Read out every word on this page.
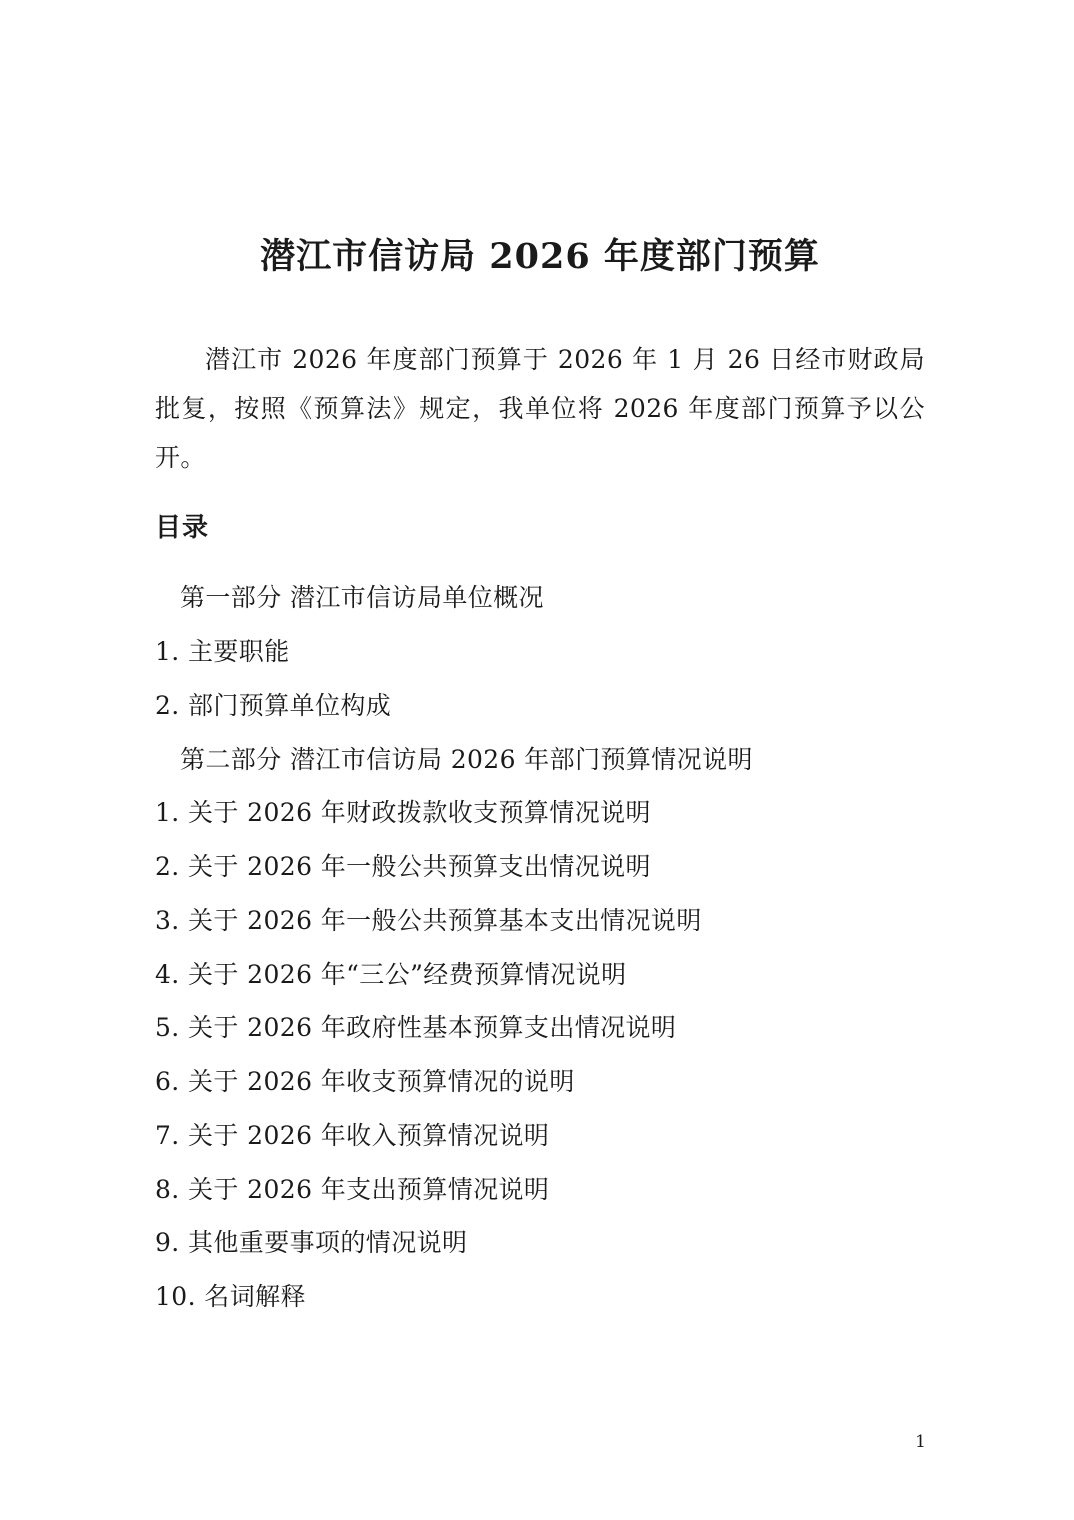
潜江市信访局 2026 年度部门预算

潜江市 2026 年度部门预算于 2026 年 1 月 26 日经市财政局批复，按照《预算法》规定，我单位将 2026 年度部门预算予以公开。

目录
第一部分 潜江市信访局单位概况
1. 主要职能
2. 部门预算单位构成
第二部分 潜江市信访局 2026 年部门预算情况说明
1. 关于 2026 年财政拨款收支预算情况说明
2. 关于 2026 年一般公共预算支出情况说明
3. 关于 2026 年一般公共预算基本支出情况说明
4. 关于 2026 年“三公”经费预算情况说明
5. 关于 2026 年政府性基本预算支出情况说明
6. 关于 2026 年收支预算情况的说明
7. 关于 2026 年收入预算情况说明
8. 关于 2026 年支出预算情况说明
9. 其他重要事项的情况说明
10. 名词解释
1
